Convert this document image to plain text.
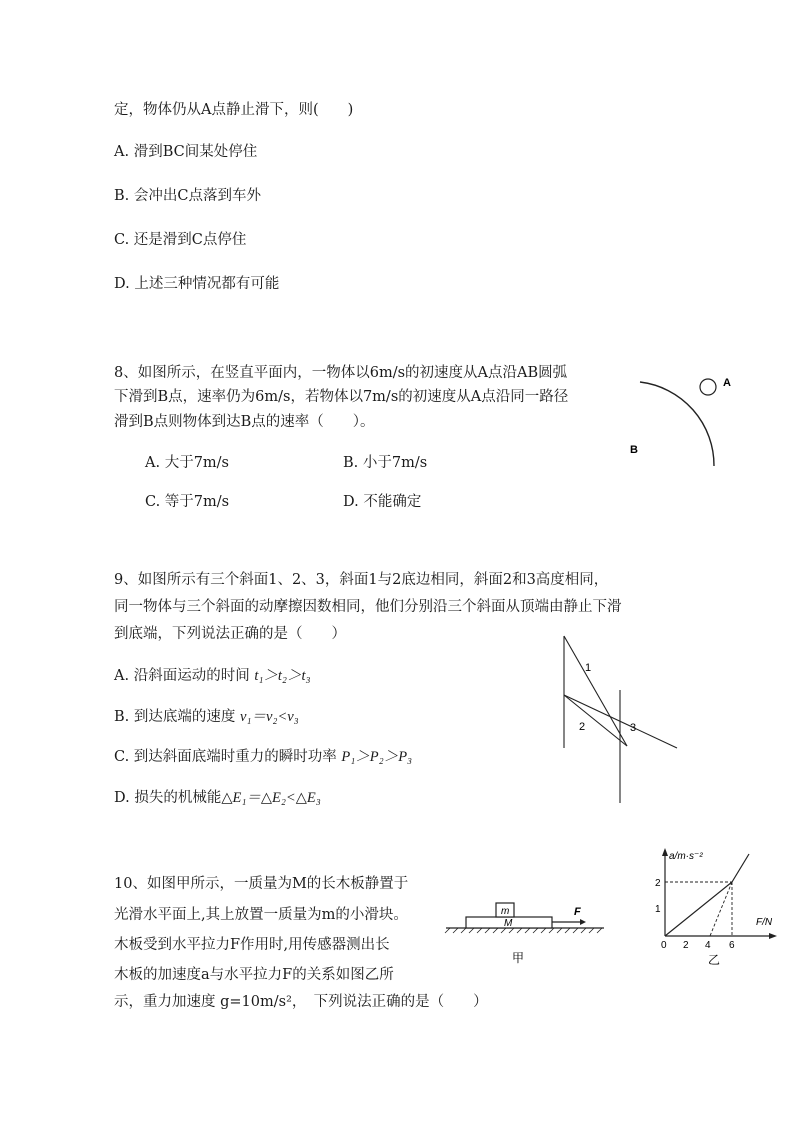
定，物体仍从A点静止滑下，则(　　)
A. 滑到BC间某处停住
B. 会冲出C点落到车外
C. 还是滑到C点停住
D. 上述三种情况都有可能
8、如图所示，在竖直平面内，一物体以6m/s的初速度从A点沿AB圆弧
下滑到B点，速率仍为6m/s，若物体以7m/s的初速度从A点沿同一路径
滑到B点则物体到达B点的速率（　　）。
A. 大于7m/s	B. 小于7m/s
C. 等于7m/s	D. 不能确定
A
B
9、如图所示有三个斜面1、2、3，斜面1与2底边相同，斜面2和3高度相同，
同一物体与三个斜面的动摩擦因数相同，他们分别沿三个斜面从顶端由静止下滑
到底端，下列说法正确的是（　　）
A. 沿斜面运动的时间 t₁＞t₂＞t₃
B. 到达底端的速度 v₁＝v₂<v₃
C. 到达斜面底端时重力的瞬时功率 P₁＞P₂＞P₃
D. 损失的机械能△E₁＝△E₂<△E₃
1
2	3
10、如图甲所示，一质量为M的长木板静置于
光滑水平面上,其上放置一质量为m的小滑块。
木板受到水平拉力F作用时,用传感器测出长
木板的加速度a与水平拉力F的关系如图乙所
示，重力加速度 g=10m/s²，　下列说法正确的是（　　）
m
M
F
甲
a/m·s⁻²
F/N
0 2 4 6
1
2
乙
